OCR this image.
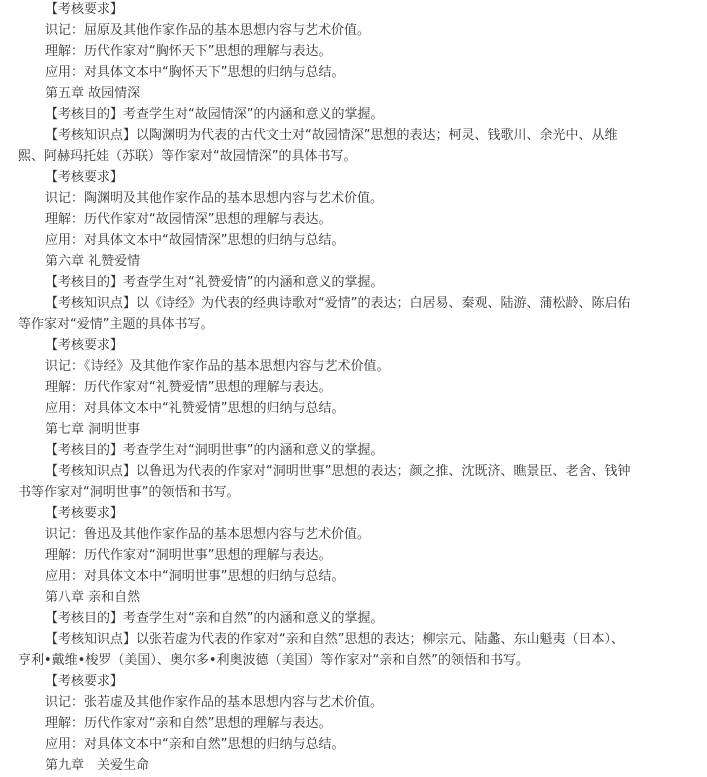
【考核要求】
识记：屈原及其他作家作品的基本思想内容与艺术价值。
理解：历代作家对“胸怀天下”思想的理解与表达。
应用：对具体文本中“胸怀天下”思想的归纳与总结。
第五章 故园情深
【考核目的】考查学生对“故园情深”的内涵和意义的掌握。
【考核知识点】以陶渊明为代表的古代文士对“故园情深”思想的表达；柯灵、钱歌川、余光中、从维
熙、阿赫玛托娃（苏联）等作家对“故园情深”的具体书写。
【考核要求】
识记：陶渊明及其他作家作品的基本思想内容与艺术价值。
理解：历代作家对“故园情深”思想的理解与表达。
应用：对具体文本中“故园情深”思想的归纳与总结。
第六章 礼赞爱情
【考核目的】考查学生对“礼赞爱情”的内涵和意义的掌握。
【考核知识点】以《诗经》为代表的经典诗歌对“爱情”的表达；白居易、秦观、陆游、蒲松龄、陈启佑
等作家对“爱情”主题的具体书写。
【考核要求】
识记：《诗经》及其他作家作品的基本思想内容与艺术价值。
理解：历代作家对“礼赞爱情”思想的理解与表达。
应用：对具体文本中“礼赞爱情”思想的归纳与总结。
第七章 洞明世事
【考核目的】考查学生对“洞明世事”的内涵和意义的掌握。
【考核知识点】以鲁迅为代表的作家对“洞明世事”思想的表达；颜之推、沈既济、瞧景臣、老舍、钱钟
书等作家对“洞明世事”的领悟和书写。
【考核要求】
识记：鲁迅及其他作家作品的基本思想内容与艺术价值。
理解：历代作家对“洞明世事”思想的理解与表达。
应用：对具体文本中“洞明世事”思想的归纳与总结。
第八章 亲和自然
【考核目的】考查学生对“亲和自然”的内涵和意义的掌握。
【考核知识点】以张若虚为代表的作家对“亲和自然”思想的表达；柳宗元、陆蠡、东山魁夷（日本）、
亨利•戴维•梭罗（美国）、奥尔多•利奥波德（美国）等作家对“亲和自然”的领悟和书写。
【考核要求】
识记：张若虚及其他作家作品的基本思想内容与艺术价值。
理解：历代作家对“亲和自然”思想的理解与表达。
应用：对具体文本中“亲和自然”思想的归纳与总结。
第九章　关爱生命
